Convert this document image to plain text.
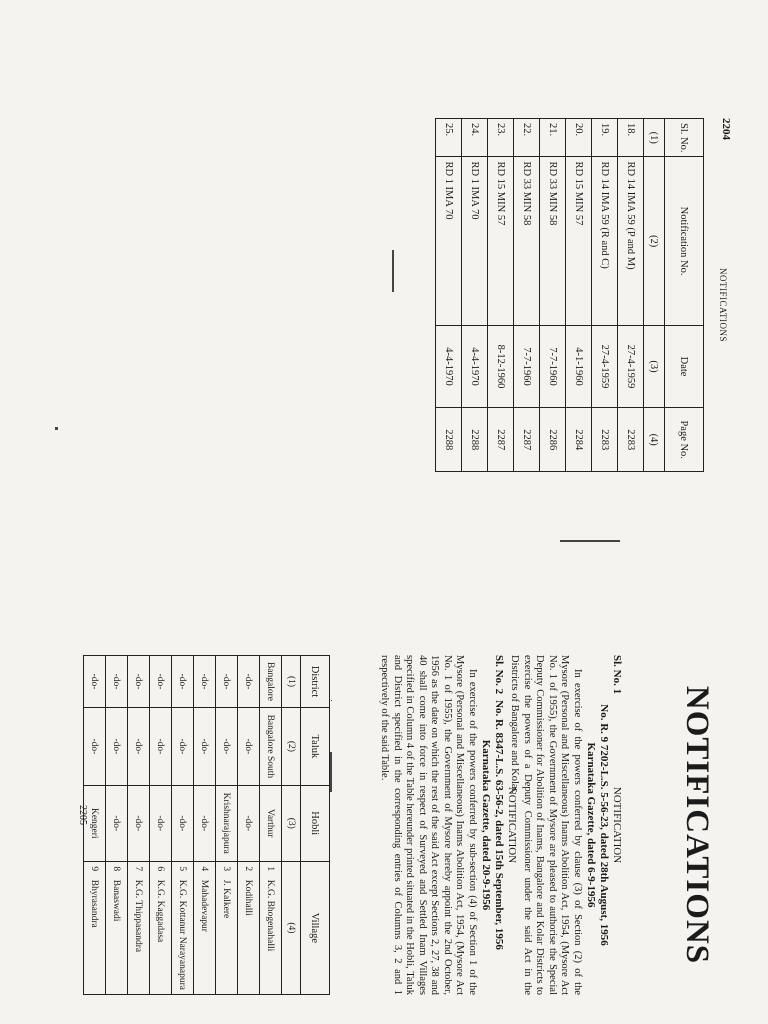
2204
NOTIFICATIONS
Sl. No.	Notification No.	Date	Page No.
(1)	(2)	(3)	(4)
18.	RD 14 IMA 59 (P and M)	27-4-1959	2283
19.	RD 14 IMA 59 (R and C)	27-4-1959	2283
20.	RD 15 MIN 57	4-1-1960	2284
21.	RD 33 MIN 58	7-7-1960	2286
22.	RD 33 MIN 58	7-7-1960	2287
23.	RD 15 MIN 57	8-12-1960	2287
24.	RD 1 IMA 70	4-4-1970	2288
25.	RD 1 IMA 70	4-4-1970	2288
NOTIFICATIONS
Sl. No. 1
NOTIFICATION
No. R. 9 7202-L.S. 5-56-23, dated 28th August, 1956
Karnataka Gazette, dated 6-9-1956
In exercise of the powers conferred by clause (3) of Section (2) of the Mysore (Personal and Miscellaneous) Inams Abolition Act, 1954, (Mysore Act No. 1 of 1955), the Government of Mysore are pleased to authorise the Special Deputy Commissioner for Abolition of Inams, Bangalore and Kolar Districts to exercise the powers of a Deputy Commissioner under the said Act in the Districts of Bangalore and Kolar.
Sl. No. 2
NOTIFICATION
No. R. 8347-L.S. 63-56-2, dated 15th September, 1956
Karnataka Gazette, dated 20-9-1956
In exercise of the powers conferred by sub-section (4) of Section 1 of the Mysore (Personal and Miscellaneous) Inams Abolition Act, 1954, (Mysore Act No. 1 of 1955), the Government of Mysore hereby appoint the 2nd October, 1956 as the date on which the rest of the said Act except Sections 2, 27, 38 and 40 shall come into force in respect of Surveyed and Settled Inam Villages specified in Column 4 of the Table hereunder printed situated in the Hobli, Taluk and District specified in the corresponding entries of Columns 3, 2 and 1 respectively of the said Table.
District	Taluk	Hobli	Village	
(1)	(2)	(3)	(4)	
Bangalore	Bangalore South	Varthur	1	K.G. Bhogenahalli
-do-	-do-	-do-	2	Kodihalli
-do-	-do-	Krishnarajapura	3	J. Kalkere
-do-	-do-	-do-	4	Mahadevapur
-do-	-do-	-do-	5	K.G. Kottanur Narayanapura
-do-	-do-	-do-	6	K.G. Kaggadasa
-do-	-do-	-do-	7	K.G. Thippasandra
-do-	-do-	-do-	8	Banaswadi
-do-	-do-	Kengeri	9	Bhyrasandra
2205
